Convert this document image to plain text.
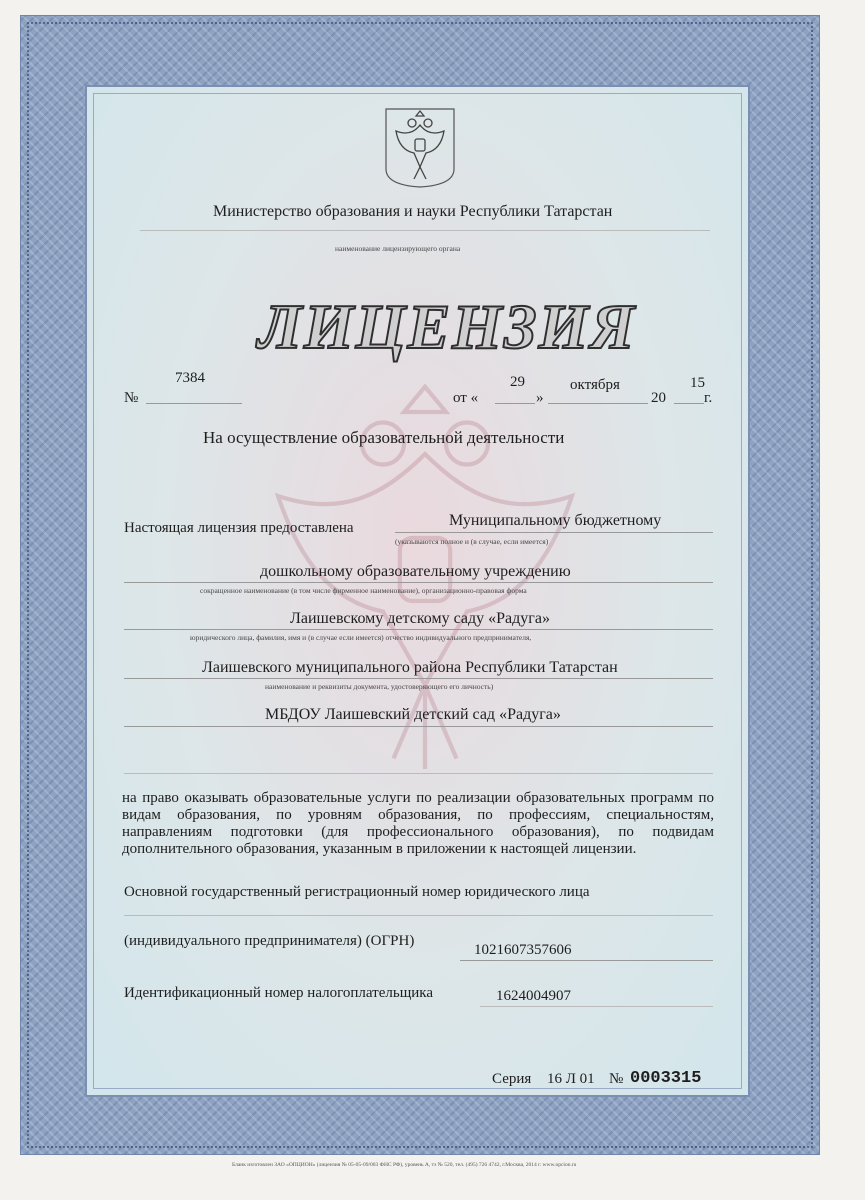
Министерство образования и науки Республики Татарстан
наименование лицензирующего органа
ЛИЦЕНЗИЯ
№
7384
от «
29
»
октября
20
15
г.
На осуществление образовательной деятельности
Настоящая лицензия предоставлена	Муниципальному бюджетному
(указываются полное и (в случае, если имеется)
дошкольному образовательному учреждению
сокращенное наименование (в том числе фирменное наименование), организационно-правовая форма
Лаишевскому детскому саду «Радуга»
юридического лица, фамилия, имя и (в случае если имеется) отчество индивидуального предпринимателя,
Лаишевского муниципального района Республики Татарстан
наименование и реквизиты документа, удостоверяющего его личность)
МБДОУ Лаишевский детский сад «Радуга»
на право оказывать образовательные услуги по реализации образовательных программ по видам образования, по уровням образования, по профессиям, специальностям, направлениям подготовки (для профессионального образования), по подвидам дополнительного образования, указанным в приложении к настоящей лицензии.
Основной государственный регистрационный номер юридического лица
(индивидуального предпринимателя) (ОГРН)
1021607357606
Идентификационный номер налогоплательщика	1624004907
Серия 16 Л 01 № 0003315
Бланк изготовлен ЗАО «ОПЦИОН» (лицензия № 05-05-09/003 ФНС РФ), уровень А, тз № 520, тел. (495) 726 4742, г.Москва, 2014 г. www.opcion.ru
